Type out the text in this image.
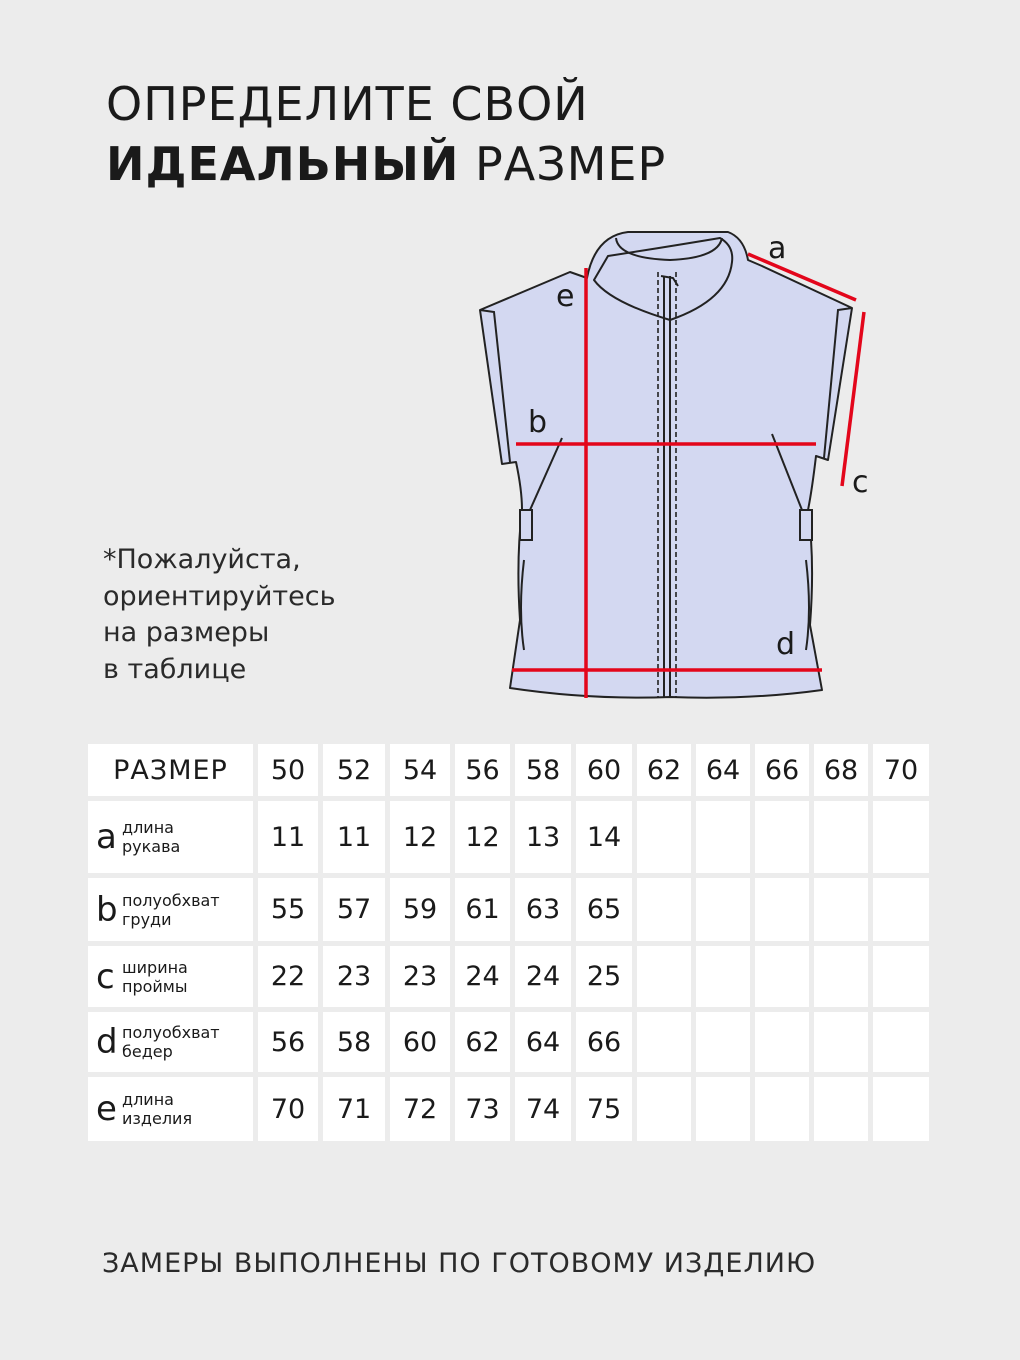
ОПРЕДЕЛИТЕ СВОЙ
ИДЕАЛЬНЫЙ РАЗМЕР
*Пожалуйста,
ориентируйтесь
на размеры
в таблице
a
e
b
c
d
РАЗМЕР	50	52	54	56 58 60 62 64 66 68 70
a длина
рукава	11	11	12	12 13 14
b полуобхват
груди	55	57	59	61 63 65
c ширина
проймы	22	23	23	24 24 25
d полуобхват
бедер	56	58	60	62 64 66
e длина
изделия	70	71	72	73 74 75
ЗАМЕРЫ ВЫПОЛНЕНЫ ПО ГОТОВОМУ ИЗДЕЛИЮ
